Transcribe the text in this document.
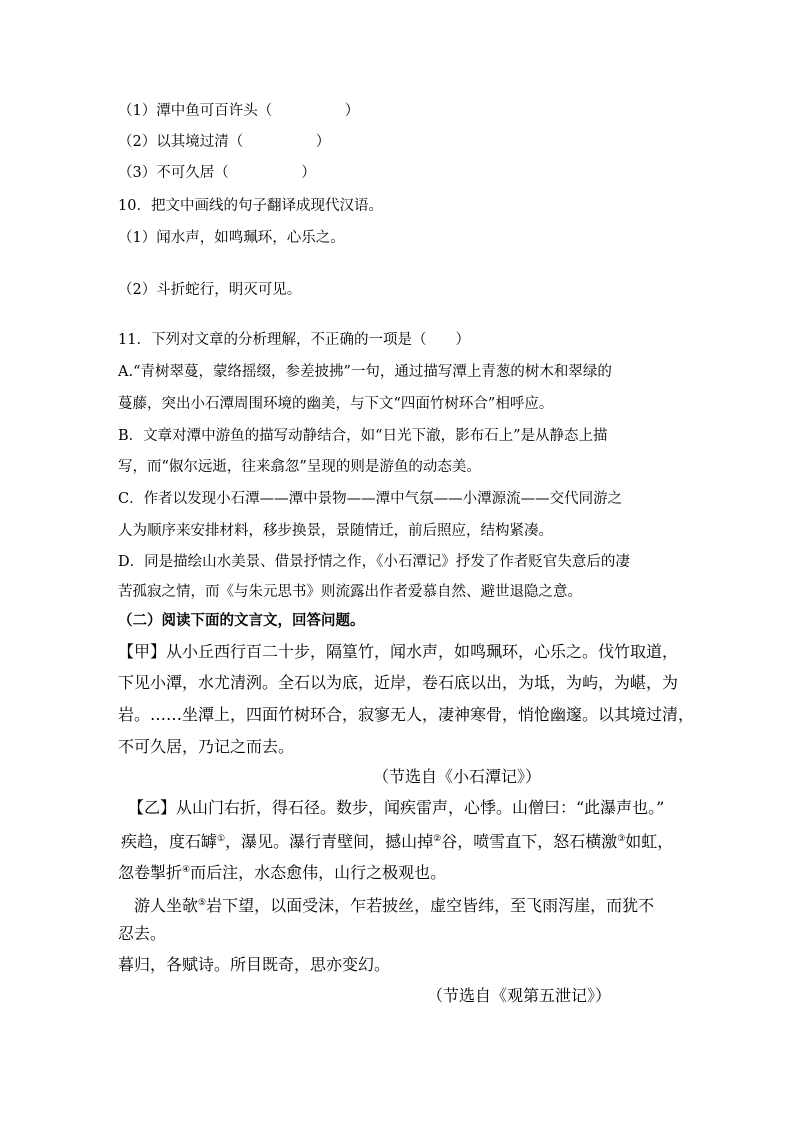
（1）潭中鱼可百许头（　　　　　）
（2）以其境过清（　　　　　）
（3）不可久居（　　　　　）
10．把文中画线的句子翻译成现代汉语。
（1）闻水声，如鸣珮环，心乐之。
（2）斗折蛇行，明灭可见。
11．下列对文章的分析理解，不正确的一项是（　　）
A.“青树翠蔓，蒙络摇缀，参差披拂”一句，通过描写潭上青葱的树木和翠绿的
蔓藤，突出小石潭周围环境的幽美，与下文“四面竹树环合”相呼应。
B．文章对潭中游鱼的描写动静结合，如“日光下澈，影布石上”是从静态上描
写，而“俶尔远逝，往来翕忽”呈现的则是游鱼的动态美。
C．作者以发现小石潭——潭中景物——潭中气氛——小潭源流——交代同游之
人为顺序来安排材料，移步换景，景随情迁，前后照应，结构紧凑。
D．同是描绘山水美景、借景抒情之作，《小石潭记》抒发了作者贬官失意后的凄
苦孤寂之情，而《与朱元思书》则流露出作者爱慕自然、避世退隐之意。
（二）阅读下面的文言文，回答问题。
【甲】从小丘西行百二十步，隔篁竹，闻水声，如鸣珮环，心乐之。伐竹取道，
下见小潭，水尤清洌。全石以为底，近岸，卷石底以出，为坻，为屿，为嵁，为
岩。……坐潭上，四面竹树环合，寂寥无人，凄神寒骨，悄怆幽邃。以其境过清，
不可久居，乃记之而去。
（节选自《小石潭记》）
【乙】从山门右折，得石径。数步，闻疾雷声，心悸。山僧曰：“此瀑声也。”
疾趋，度石罅①，瀑见。瀑行青壁间，撼山掉②谷，喷雪直下，怒石横激③如虹，
忽卷掣折④而后注，水态愈伟，山行之极观也。
游人坐欹⑤岩下望，以面受沫，乍若披丝，虚空皆纬，至飞雨泻崖，而犹不
忍去。
暮归，各赋诗。所目既奇，思亦变幻。
（节选自《观第五泄记》）
